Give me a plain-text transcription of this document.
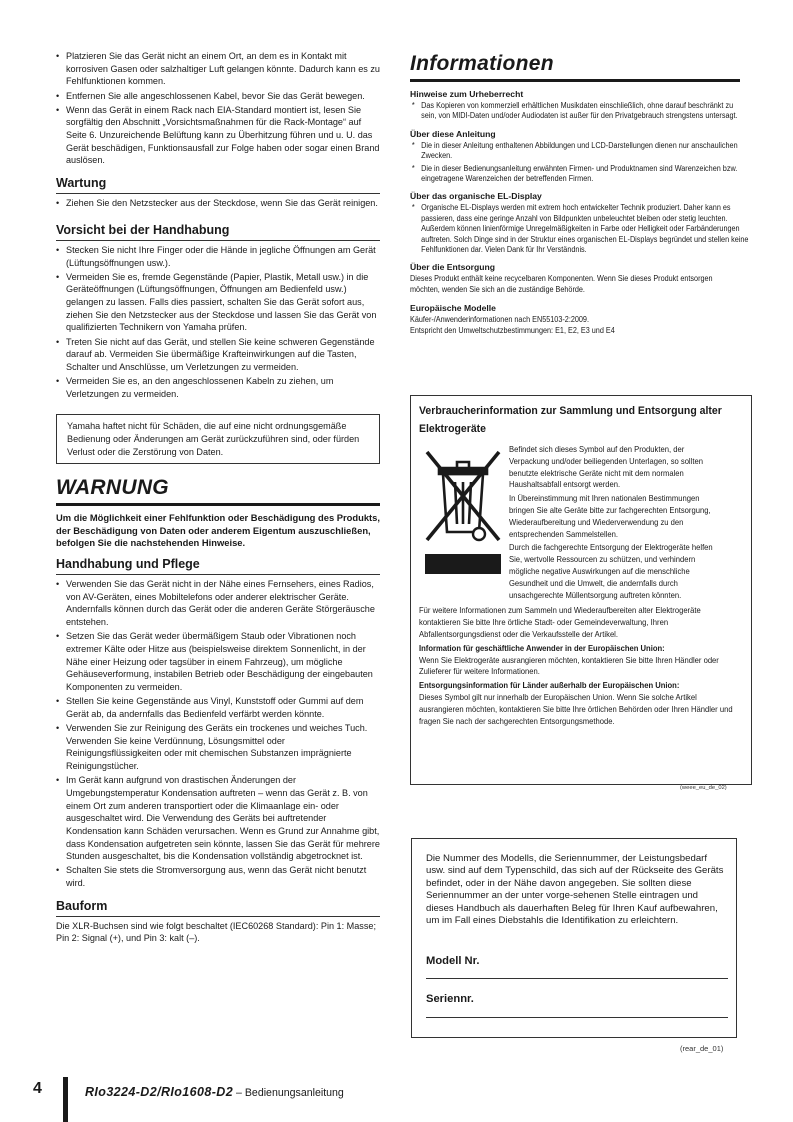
• Platzieren Sie das Gerät nicht an einem Ort, an dem es in Kontakt mit korrosiven Gasen oder salzhaltiger Luft gelangen könnte. Dadurch kann es zu Fehlfunktionen kommen.
• Entfernen Sie alle angeschlossenen Kabel, bevor Sie das Gerät bewegen.
• Wenn das Gerät in einem Rack nach EIA-Standard montiert ist, lesen Sie sorgfältig den Abschnitt „Vorsichtsmaßnahmen für die Rack-Montage“ auf Seite 6. Unzureichende Belüftung kann zu Überhitzung führen und u. U. das Gerät beschädigen, Funktionsausfall zur Folge haben oder sogar einen Brand auslösen.
Wartung
• Ziehen Sie den Netzstecker aus der Steckdose, wenn Sie das Gerät reinigen.
Vorsicht bei der Handhabung
• Stecken Sie nicht Ihre Finger oder die Hände in jegliche Öffnungen am Gerät (Lüftungsöffnungen usw.).
• Vermeiden Sie es, fremde Gegenstände (Papier, Plastik, Metall usw.) in die Geräteöffnungen (Lüftungsöffnungen, Öffnungen am Bedienfeld usw.) gelangen zu lassen. Falls dies passiert, schalten Sie das Gerät sofort aus, ziehen Sie den Netzstecker aus der Steckdose und lassen Sie das Gerät von qualifizierten Technikern von Yamaha prüfen.
• Treten Sie nicht auf das Gerät, und stellen Sie keine schweren Gegenstände darauf ab. Vermeiden Sie übermäßige Krafteinwirkungen auf die Tasten, Schalter und Anschlüsse, um Verletzungen zu vermeiden.
• Vermeiden Sie es, an den angeschlossenen Kabeln zu ziehen, um Verletzungen zu vermeiden.
Yamaha haftet nicht für Schäden, die auf eine nicht ordnungsgemäße Bedienung oder Änderungen am Gerät zurückzuführen sind, oder fürden Verlust oder die Zerstörung von Daten.
WARNUNG
Um die Möglichkeit einer Fehlfunktion oder Beschädigung des Produkts, der Beschädigung von Daten oder anderem Eigentum auszuschließen, befolgen Sie die nachstehenden Hinweise.
Handhabung und Pflege
• Verwenden Sie das Gerät nicht in der Nähe eines Fernsehers, eines Radios, von AV-Geräten, eines Mobiltelefons oder anderer elektrischer Geräte. Andernfalls können durch das Gerät oder die anderen Geräte Störgeräusche entstehen.
• Setzen Sie das Gerät weder übermäßigem Staub oder Vibrationen noch extremer Kälte oder Hitze aus (beispielsweise direktem Sonnenlicht, in der Nähe einer Heizung oder tagsüber in einem Fahrzeug), um mögliche Gehäuseverformung, instabilen Betrieb oder Beschädigung der eingebauten Komponenten zu vermeiden.
• Stellen Sie keine Gegenstände aus Vinyl, Kunststoff oder Gummi auf dem Gerät ab, da andernfalls das Bedienfeld verfärbt werden könnte.
• Verwenden Sie zur Reinigung des Geräts ein trockenes und weiches Tuch. Verwenden Sie keine Verdünnung, Lösungsmittel oder Reinigungsflüssigkeiten oder mit chemischen Substanzen imprägnierte Reinigungstücher.
• Im Gerät kann aufgrund von drastischen Änderungen der Umgebungstemperatur Kondensation auftreten – wenn das Gerät z. B. von einem Ort zum anderen transportiert oder die Klimaanlage ein- oder ausgeschaltet wird. Die Verwendung des Geräts bei auftretender Kondensation kann Schäden verursachen. Wenn es Grund zur Annahme gibt, dass Kondensation aufgetreten sein könnte, lassen Sie das Gerät für mehrere Stunden ausgeschaltet, bis die Kondensation vollständig abgetrocknet ist.
• Schalten Sie stets die Stromversorgung aus, wenn das Gerät nicht benutzt wird.
Bauform

Die XLR-Buchsen sind wie folgt beschaltet (IEC60268 Standard): Pin 1: Masse; Pin 2: Signal (+), und Pin 3: kalt (–).

Informationen
Hinweise zum Urheberrecht
* Das Kopieren von kommerziell erhältlichen Musikdaten einschließlich, ohne darauf beschränkt zu sein, von MIDI-Daten und/oder Audiodaten ist außer für den Privatgebrauch strengstens untersagt.
Über diese Anleitung
* Die in dieser Anleitung enthaltenen Abbildungen und LCD-Darstellungen dienen nur anschaulichen Zwecken.
* Die in dieser Bedienungsanleitung erwähnten Firmen- und Produktnamen sind Warenzeichen bzw. eingetragene Warenzeichen der betreffenden Firmen.
Über das organische EL-Display
* Organische EL-Displays werden mit extrem hoch entwickelter Technik produziert. Daher kann es passieren, dass eine geringe Anzahl von Bildpunkten unbeleuchtet bleiben oder stetig leuchten. Außerdem können linienförmige Unregelmäßigkeiten in Farbe oder Helligkeit oder Farbänderungen auftreten. Solch Dinge sind in der Struktur eines organischen EL-Displays begründet und stellen keine Fehlfunktionen dar. Vielen Dank für Ihr Verständnis.
Über die Entsorgung

Dieses Produkt enthält keine recycelbaren Komponenten. Wenn Sie dieses Produkt entsorgen möchten, wenden Sie sich an die zuständige Behörde.

Europäische Modelle

Käufer-/Anwenderinformationen nach EN55103-2:2009.

Entspricht den Umweltschutzbestimmungen: E1, E2, E3 und E4

Verbraucherinformation zur Sammlung und Entsorgung alter Elektrogeräte

Befindet sich dieses Symbol auf den Produkten, der Verpackung und/oder beiliegenden Unterlagen, so sollten benutzte elektrische Geräte nicht mit dem normalen Haushaltsabfall entsorgt werden.

In Übereinstimmung mit Ihren nationalen Bestimmungen bringen Sie alte Geräte bitte zur fachgerechten Entsorgung, Wiederaufbereitung und Wiederverwendung zu den entsprechenden Sammelstellen.

Durch die fachgerechte Entsorgung der Elektrogeräte helfen Sie, wertvolle Ressourcen zu schützen, und verhindern mögliche negative Auswirkungen auf die menschliche Gesundheit und die Umwelt, die andernfalls durch unsachgerechte Müllentsorgung auftreten könnten.

Für weitere Informationen zum Sammeln und Wiederaufbereiten alter Elektrogeräte kontaktieren Sie bitte Ihre örtliche Stadt- oder Gemeindeverwaltung, Ihren Abfallentsorgungsdienst oder die Verkaufsstelle der Artikel.

Information für geschäftliche Anwender in der Europäischen Union:

Wenn Sie Elektrogeräte ausrangieren möchten, kontaktieren Sie bitte Ihren Händler oder Zulieferer für weitere Informationen.

Entsorgungsinformation für Länder außerhalb der Europäischen Union:

Dieses Symbol gilt nur innerhalb der Europäischen Union. Wenn Sie solche Artikel ausrangieren möchten, kontaktieren Sie bitte Ihre örtlichen Behörden oder Ihren Händler und fragen Sie nach der sachgerechten Entsorgungsmethode.

(weee_eu_de_02)
Die Nummer des Modells, die Seriennummer, der Leistungsbedarf usw. sind auf dem Typenschild, das sich auf der Rückseite des Geräts befindet, oder in der Nähe davon angegeben. Sie sollten diese Seriennummer an der unter vorge-sehenen Stelle eintragen und dieses Handbuch als dauerhaften Beleg für Ihren Kauf aufbewahren, um im Fall eines Diebstahls die Identifikation zu erleichtern.
Modell Nr.
Seriennr.
(rear_de_01)
4	RIo3224-D2/RIo1608-D2 – Bedienungsanleitung
